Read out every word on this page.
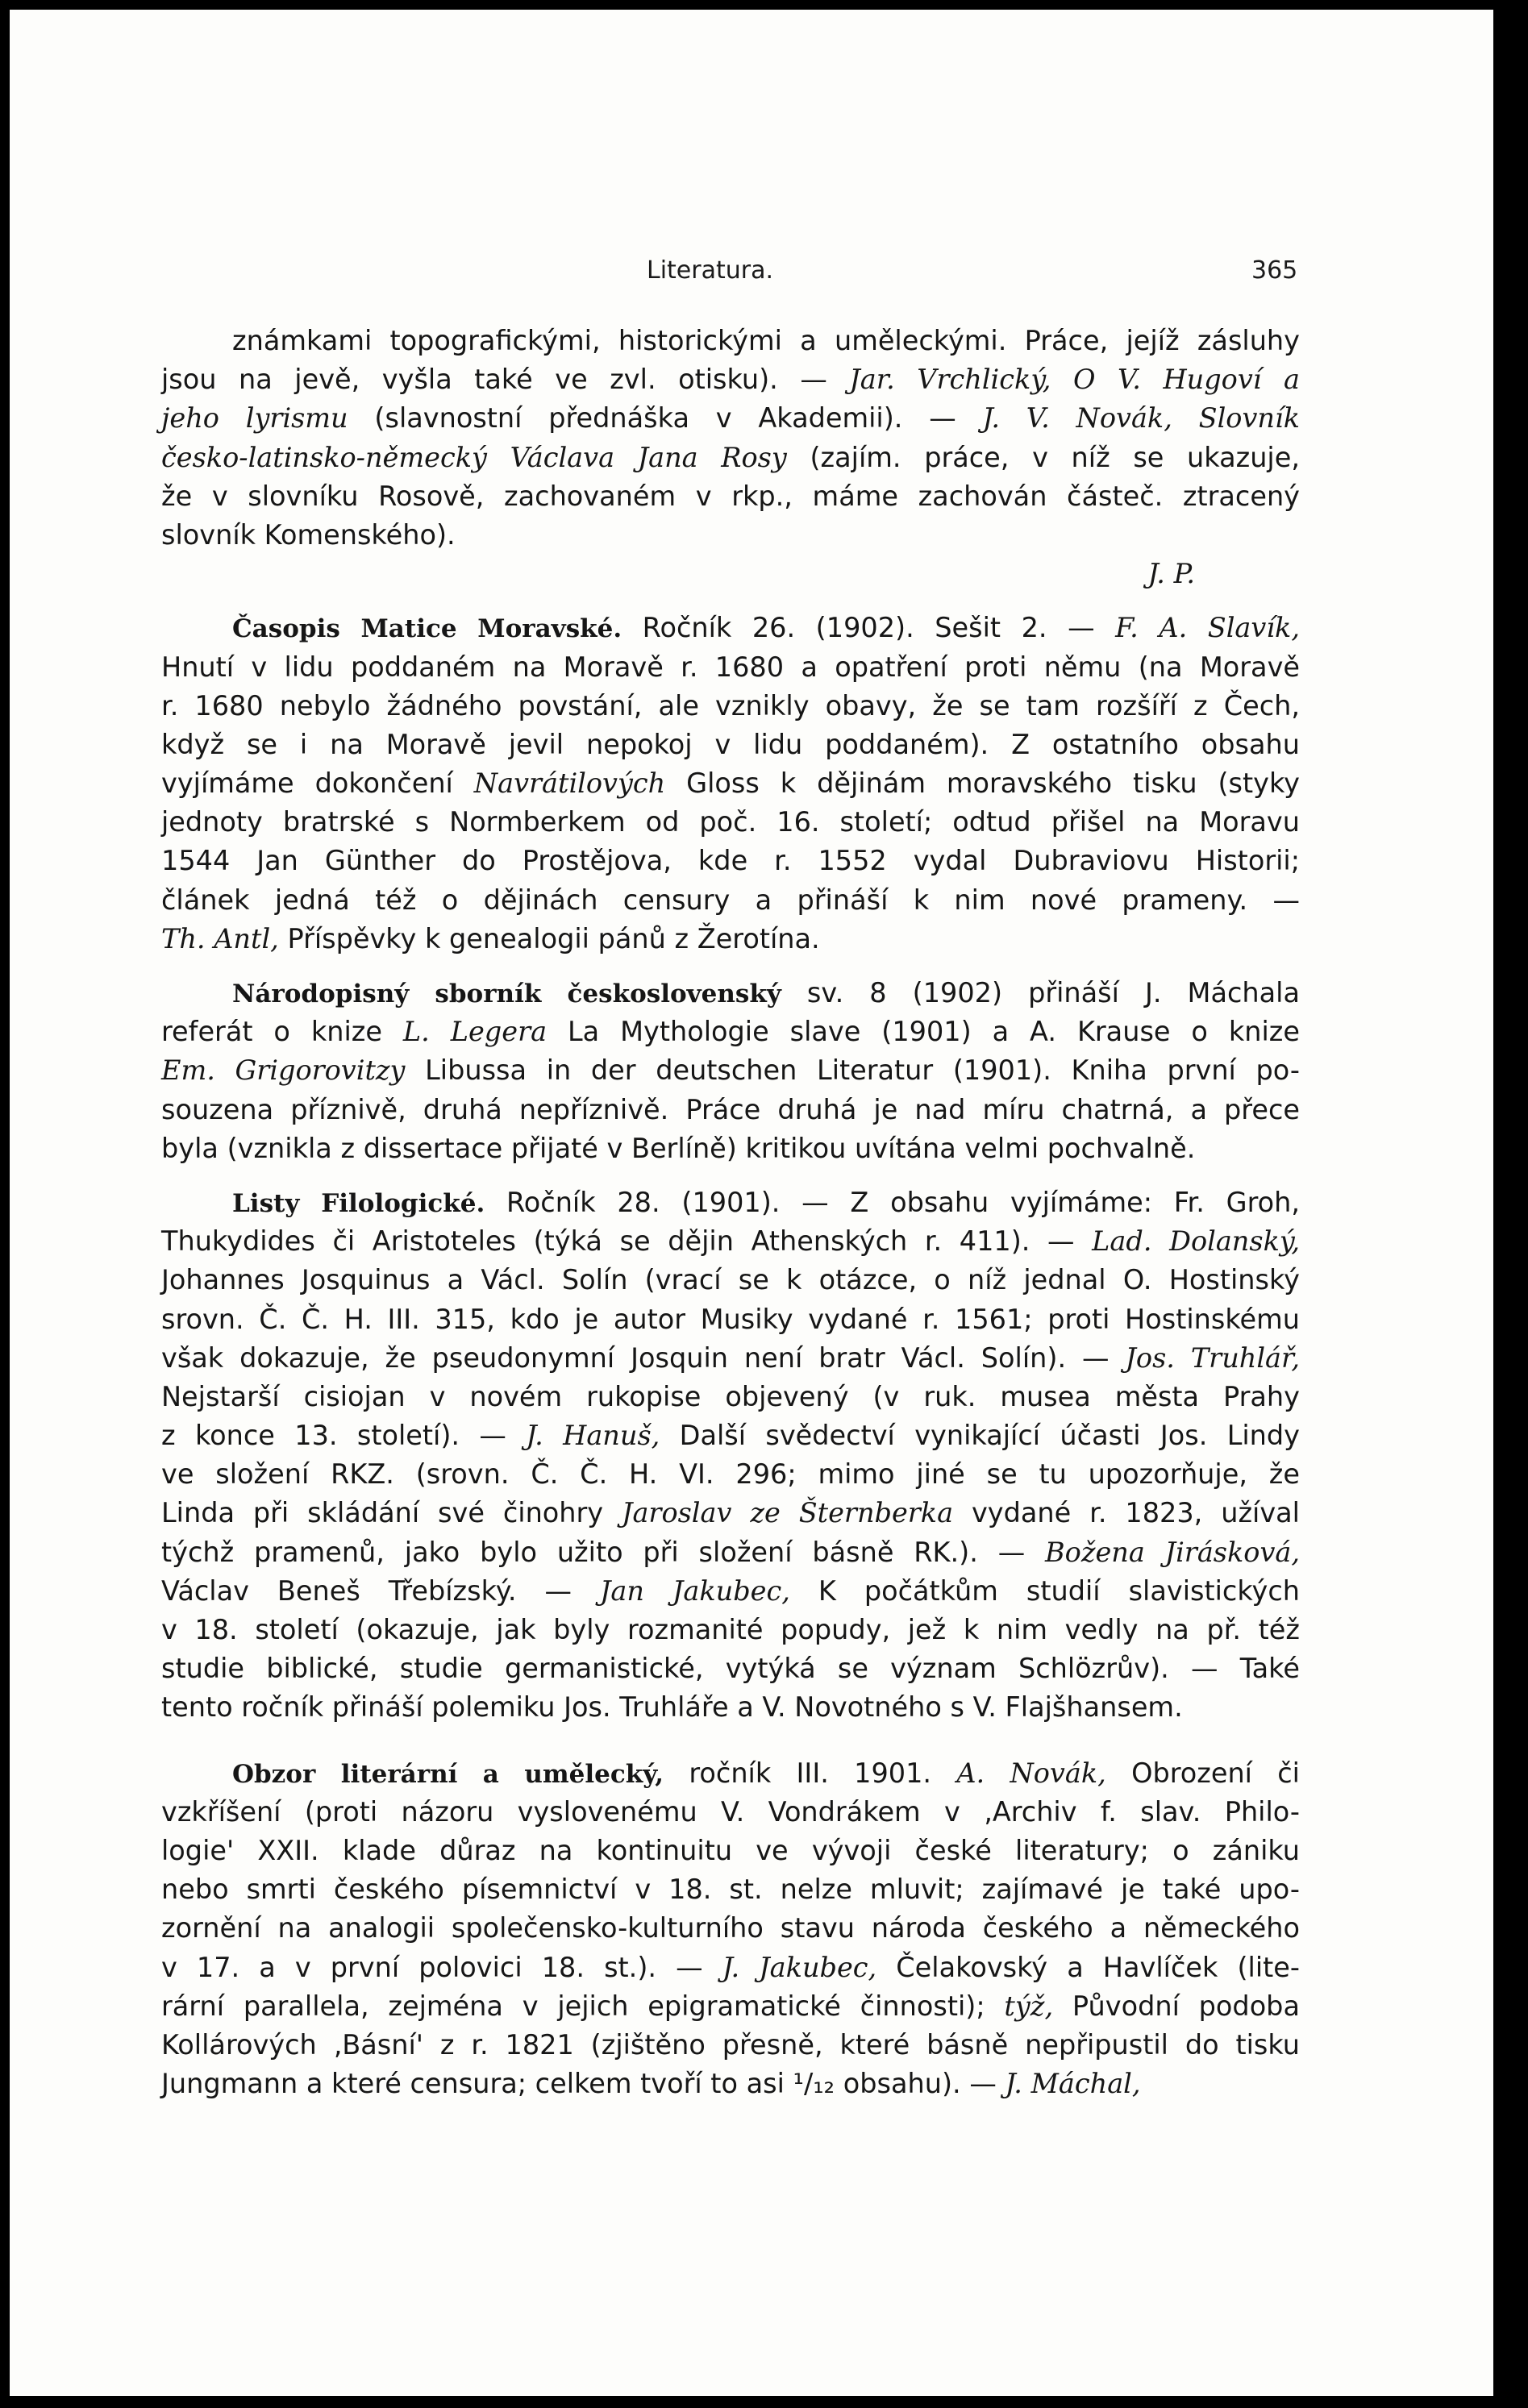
Literatura.	365
známkami topografickými, historickými a uměleckými. Práce, jejíž zásluhy
jsou na jevě, vyšla také ve zvl. otisku). — Jar. Vrchlický, O V. Hugoví a
jeho lyrismu (slavnostní přednáška v Akademii). — J. V. Novák, Slovník
česko-latinsko-německý Václava Jana Rosy (zajím. práce, v níž se ukazuje,
že v slovníku Rosově, zachovaném v rkp., máme zachován částeč. ztracený
slovník Komenského).
J. P.
Časopis Matice Moravské. Ročník 26. (1902). Sešit 2. — F. A. Slavík,
Hnutí v lidu poddaném na Moravě r. 1680 a opatření proti němu (na Moravě
r. 1680 nebylo žádného povstání, ale vznikly obavy, že se tam rozšíří z Čech,
když se i na Moravě jevil nepokoj v lidu poddaném). Z ostatního obsahu
vyjímáme dokončení Navrátilových Gloss k dějinám moravského tisku (styky
jednoty bratrské s Normberkem od poč. 16. století; odtud přišel na Moravu
1544 Jan Günther do Prostějova, kde r. 1552 vydal Dubraviovu Historii;
článek jedná též o dějinách censury a přináší k nim nové prameny. —
Th. Antl, Příspěvky k genealogii pánů z Žerotína.
Národopisný sborník československý sv. 8 (1902) přináší J. Máchala
referát o knize L. Legera La Mythologie slave (1901) a A. Krause o knize
Em. Grigorovitzy Libussa in der deutschen Literatur (1901). Kniha první po-
souzena příznivě, druhá nepříznivě. Práce druhá je nad míru chatrná, a přece
byla (vznikla z dissertace přijaté v Berlíně) kritikou uvítána velmi pochvalně.
Listy Filologické. Ročník 28. (1901). — Z obsahu vyjímáme: Fr. Groh,
Thukydides či Aristoteles (týká se dějin Athenských r. 411). — Lad. Dolanský,
Johannes Josquinus a Václ. Solín (vrací se k otázce, o níž jednal O. Hostinský
srovn. Č. Č. H. III. 315, kdo je autor Musiky vydané r. 1561; proti Hostinskému
však dokazuje, že pseudonymní Josquin není bratr Václ. Solín). — Jos. Truhlář,
Nejstarší cisiojan v novém rukopise objevený (v ruk. musea města Prahy
z konce 13. století). — J. Hanuš, Další svědectví vynikající účasti Jos. Lindy
ve složení RKZ. (srovn. Č. Č. H. VI. 296; mimo jiné se tu upozorňuje, že
Linda při skládání své činohry Jaroslav ze Šternberka vydané r. 1823, užíval
týchž pramenů, jako bylo užito při složení básně RK.). — Božena Jirásková,
Václav Beneš Třebízský. — Jan Jakubec, K počátkům studií slavistických
v 18. století (okazuje, jak byly rozmanité popudy, jež k nim vedly na př. též
studie biblické, studie germanistické, vytýká se význam Schlözrův). — Také
tento ročník přináší polemiku Jos. Truhláře a V. Novotného s V. Flajšhansem.
Obzor literární a umělecký, ročník III. 1901. A. Novák, Obrození či
vzkříšení (proti názoru vyslovenému V. Vondrákem v ‚Archiv f. slav. Philo-
logie' XXII. klade důraz na kontinuitu ve vývoji české literatury; o zániku
nebo smrti českého písemnictví v 18. st. nelze mluvit; zajímavé je také upo-
zornění na analogii společensko-kulturního stavu národa českého a německého
v 17. a v první polovici 18. st.). — J. Jakubec, Čelakovský a Havlíček (lite-
rární parallela, zejména v jejich epigramatické činnosti); týž, Původní podoba
Kollárových ‚Básní' z r. 1821 (zjištěno přesně, které básně nepřipustil do tisku
Jungmann a které censura; celkem tvoří to asi ¹/₁₂ obsahu). — J. Máchal,
